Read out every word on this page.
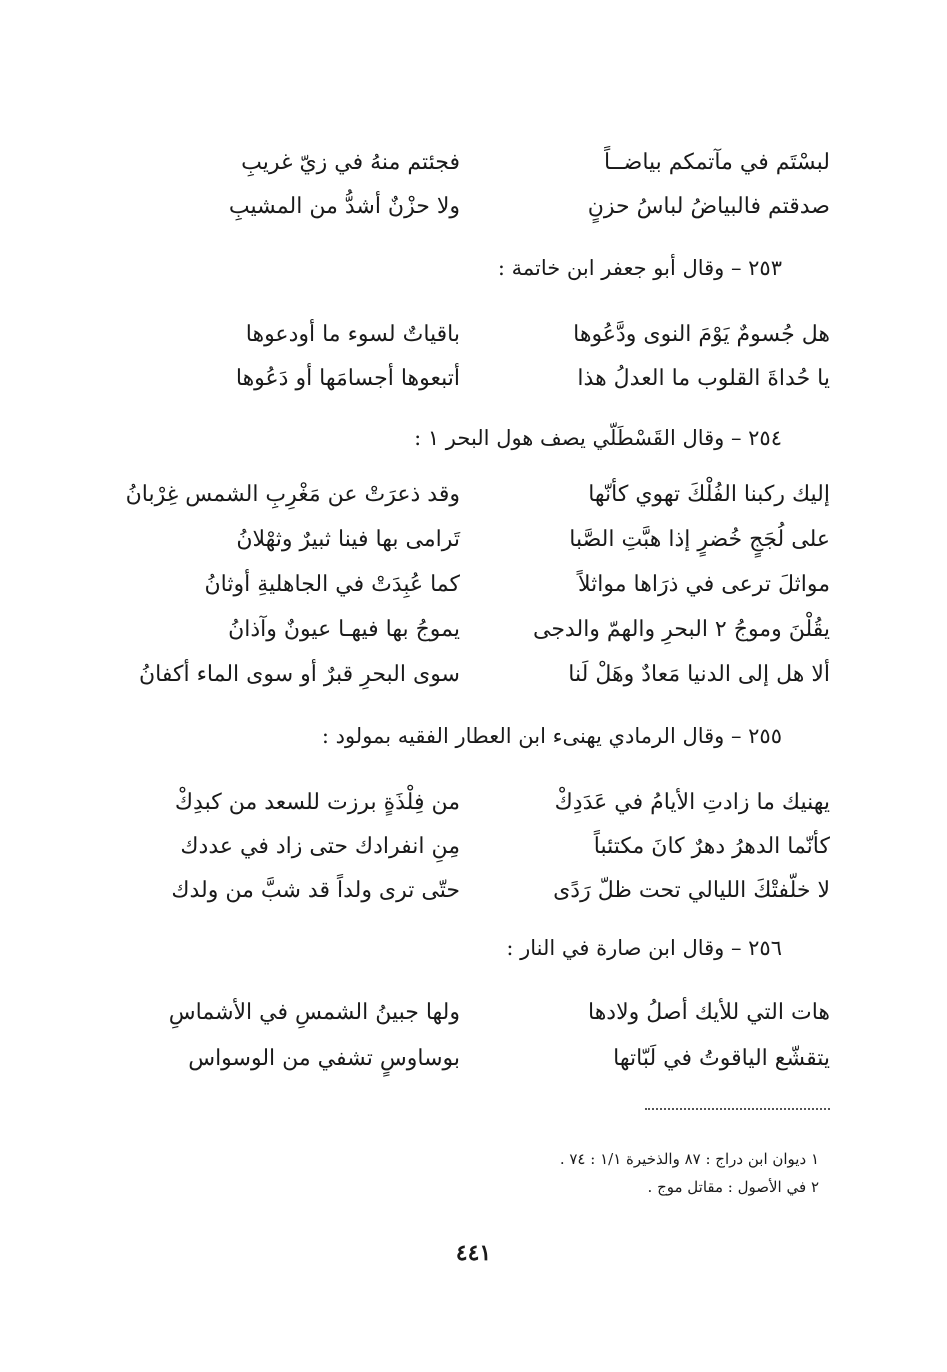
لبسْتَم في مآتمكم بياضــاً
فجئتم منهُ في زيّ غريبِ
صدقتم فالبياضُ لباسُ حزنٍ
ولا حزْنٌ أشدُّ من المشيبِ
٢٥٣ – وقال أبو جعفر ابن خاتمة :
هل جُسومٌ يَوْمَ النوى ودَّعُوها
باقياتٌ لسوء ما أودعوها
يا حُداةَ القلوب ما العدلُ هذا
أتبعوها أجسامَها أو دَعُوها
٢٥٤ – وقال القَسْطَلّي يصف هول البحر ١ :
إليك ركبنا الفُلْكَ تهوي كأنّها
وقد ذعرَتْ عن مَغْرِبِ الشمس غِرْبانُ
على لُجَجٍ خُضرٍ إذا هبَّتِ الصَّبا
تَرامى بها فينا ثبيرٌ وثهْلانُ
مواثلَ ترعى في ذرَاها مواثلاً
كما عُبِدَتْ في الجاهليةِ أوثانُ
يقُلْنَ وموجُ ٢ البحرِ والهمّ والدجى
يموجُ بها فيهـا عيونٌ وآذانُ
ألا هل إلى الدنيا مَعادٌ وهَلْ لَنا
سوى البحرِ قبرٌ أو سوى الماء أكفانُ
٢٥٥ – وقال الرمادي يهنىء ابن العطار الفقيه بمولود :
يهنيك ما زادتِ الأيامُ في عَدَدِكْ
من فِلْذَةٍ برزت للسعد من كبدِكْ
كأنّما الدهرُ دهرٌ كانَ مكتئباً
مِنِ انفرادك حتى زاد في عددك
لا خلّفتْكَ الليالي تحت ظلّ رَدًى
حتّى ترى ولداً قد شبَّ من ولدك
٢٥٦ – وقال ابن صارة في النار :
هات التي للأيك أصلُ ولادها
ولها جبينُ الشمسِ في الأشماسِ
يتقشّع الياقوتُ في لَبّاتها
بوساوسٍ تشفي من الوسواس
١ ديوان ابن دراج : ٨٧ والذخيرة ١/١ : ٧٤ .
٢ في الأصول : مقاتل موج .
٤٤١
